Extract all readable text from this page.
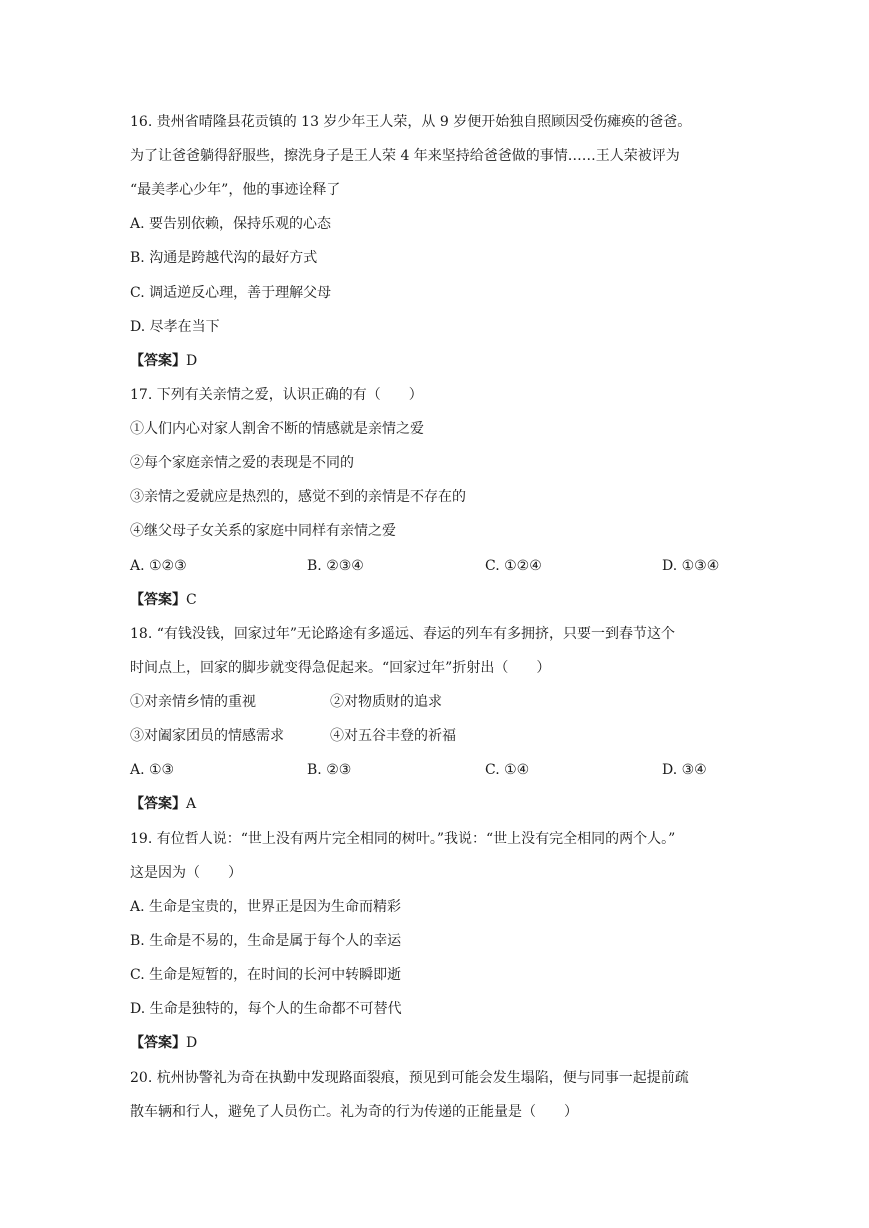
16. 贵州省晴隆县花贡镇的 13 岁少年王人荣，从 9 岁便开始独自照顾因受伤瘫痪的爸爸。
为了让爸爸躺得舒服些，擦洗身子是王人荣 4 年来坚持给爸爸做的事情……王人荣被评为
“最美孝心少年”，他的事迹诠释了
A. 要告别依赖，保持乐观的心态
B. 沟通是跨越代沟的最好方式
C. 调适逆反心理，善于理解父母
D. 尽孝在当下
【答案】D
17. 下列有关亲情之爱，认识正确的有（　　）
①人们内心对家人割舍不断的情感就是亲情之爱
②每个家庭亲情之爱的表现是不同的
③亲情之爱就应是热烈的，感觉不到的亲情是不存在的
④继父母子女关系的家庭中同样有亲情之爱
A. ①②③	B. ②③④	C. ①②④	D. ①③④
【答案】C
18. “有钱没钱，回家过年”无论路途有多遥远、春运的列车有多拥挤，只要一到春节这个
时间点上，回家的脚步就变得急促起来。“回家过年”折射出（　　）
①对亲情乡情的重视	②对物质财的追求
③对阖家团员的情感需求	④对五谷丰登的祈福
A. ①③	B. ②③	C. ①④	D. ③④
【答案】A
19. 有位哲人说：“世上没有两片完全相同的树叶。”我说：“世上没有完全相同的两个人。”
这是因为（　　）
A. 生命是宝贵的，世界正是因为生命而精彩
B. 生命是不易的，生命是属于每个人的幸运
C. 生命是短暂的，在时间的长河中转瞬即逝
D. 生命是独特的，每个人的生命都不可替代
【答案】D
20. 杭州协警礼为奇在执勤中发现路面裂痕，预见到可能会发生塌陷，便与同事一起提前疏
散车辆和行人，避免了人员伤亡。礼为奇的行为传递的正能量是（　　）
